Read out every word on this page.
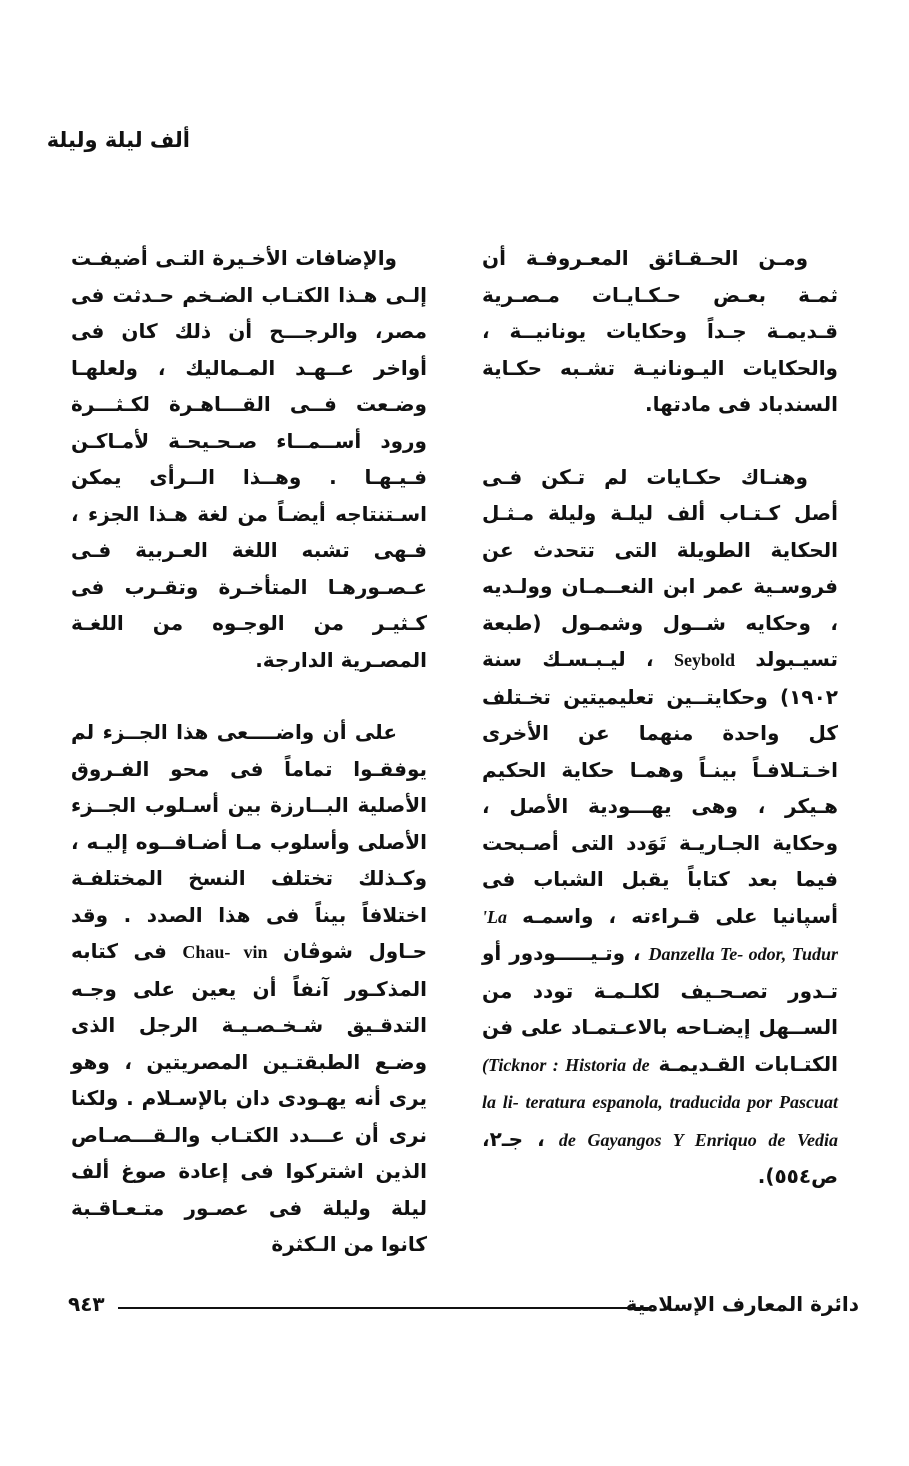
ألف ليلة وليلة

ومـن الحـقـائق المعـروفـة أن ثمـة بعـض حـكـايـات مـصـرية قـديمـة جـداً وحكايات يونانيــة ، والحكايات اليـونانيـة تشـبه حكـاية السندباد فى مادتها.

وهنـاك حكـايات لم تـكن فـى أصل كـتـاب ألف ليلـة وليلة مـثـل الحكاية الطويلة التى تتحدث عن فروسـية عمر ابن النعــمـان وولـديه ، وحكايه شــول وشمـول (طبعة تسيـبولد Seybold ، ليـبـسـك سنة ١٩٠٢) وحكايتــين تعليميتين تخـتلف كل واحدة منهما عن الأخرى اخـتـلافـاً بينـاً وهمـا حكاية الحكيم هـيكر ، وهى يهـــودية الأصل ، وحكاية الجـاريـة تَوَدد التى أصـبحت فيما بعد كتاباً يقبل الشباب فى أسپانيا على قـراءته ، واسمـه 'La Danzella Te- odor, Tudur ، وتـيـــــودور أو تـدور تصـحـيف لكلـمـة تودد من الســهل إيضـاحه بالاعـتمـاد على فن الكتـابات القـديمـة (Ticknor : Historia de la li- teratura espanola, traducida por Pascuat de Gayangos Y Enriquo de Vedia ، جـ٢، ص٥٥٤).

والإضافات الأخـيرة التـى أضيفـت إلـى هـذا الكتـاب الضـخم حـدثت فى مصر، والرجـــح أن ذلك كان فى أواخر عــهـد المـماليك ، ولعلهـا وضـعت فــى القـــاهـرة لكـثـــرة ورود أســمــاء صـحـيحـة لأمـاكـن فـيـهـا . وهــذا الــرأى يمكن اسـتنتاجه أيضـاً من لغة هـذا الجزء ، فـهى تشبه اللغة العـربية فـى عـصـورهـا المتأخـرة وتقـرب فى كـثيـر من الوجـوه من اللغـة المصـرية الدارجة.

على أن واضــــعى هذا الجــزء لم يوفقـوا تماماً فى محو الفـروق الأصلية البــارزة بين أسـلوب الجــزء الأصلى وأسلوب مـا أضـافــوه إليـه ، وكـذلك تختلف النسخ المختلفـة اختلافاً بيناً فى هذا الصدد . وقد حـاول شوڤان Chau- vin فى كتابه المذكـور آنفاً أن يعين على وجـه التدقـيق شـخـصـيـة الرجل الذى وضـع الطبقتـين المصريتين ، وهو يرى أنه يهـودى دان بالإسـلام . ولكنا نرى أن عـــدد الكتـاب والـقـــصـاص الذين اشتركوا فى إعادة صوغ ألف ليلة وليلة فى عصـور متـعـاقـبة كانوا من الـكثرة

٩٤٣	دائرة المعارف الإسلامية
